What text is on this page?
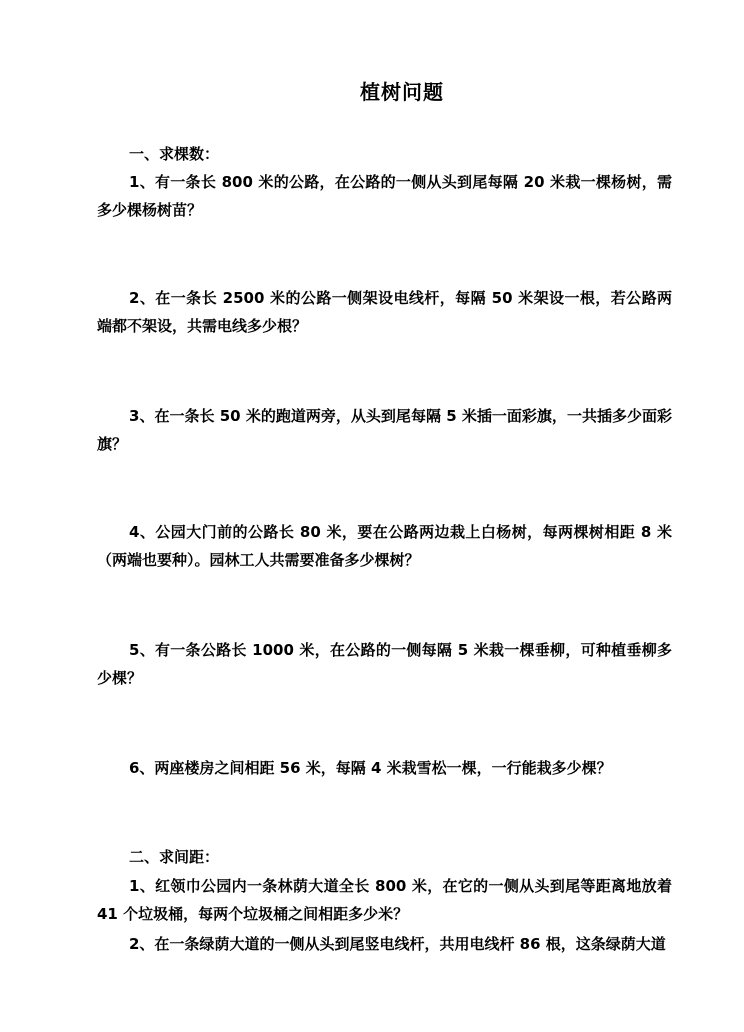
植树问题
一、求棵数：
1、有一条长 800 米的公路，在公路的一侧从头到尾每隔 20 米栽一棵杨树，需多少棵杨树苗？
2、在一条长 2500 米的公路一侧架设电线杆，每隔 50 米架设一根，若公路两端都不架设，共需电线多少根？
3、在一条长 50 米的跑道两旁，从头到尾每隔 5 米插一面彩旗，一共插多少面彩旗？
4、公园大门前的公路长 80 米，要在公路两边栽上白杨树，每两棵树相距 8 米（两端也要种）。园林工人共需要准备多少棵树？
5、有一条公路长 1000 米，在公路的一侧每隔 5 米栽一棵垂柳，可种植垂柳多少棵？
6、两座楼房之间相距 56 米，每隔 4 米栽雪松一棵，一行能栽多少棵？
二、求间距：
1、红领巾公园内一条林荫大道全长 800 米，在它的一侧从头到尾等距离地放着 41 个垃圾桶，每两个垃圾桶之间相距多少米？
2、在一条绿荫大道的一侧从头到尾竖电线杆，共用电线杆 86 根，这条绿荫大道
